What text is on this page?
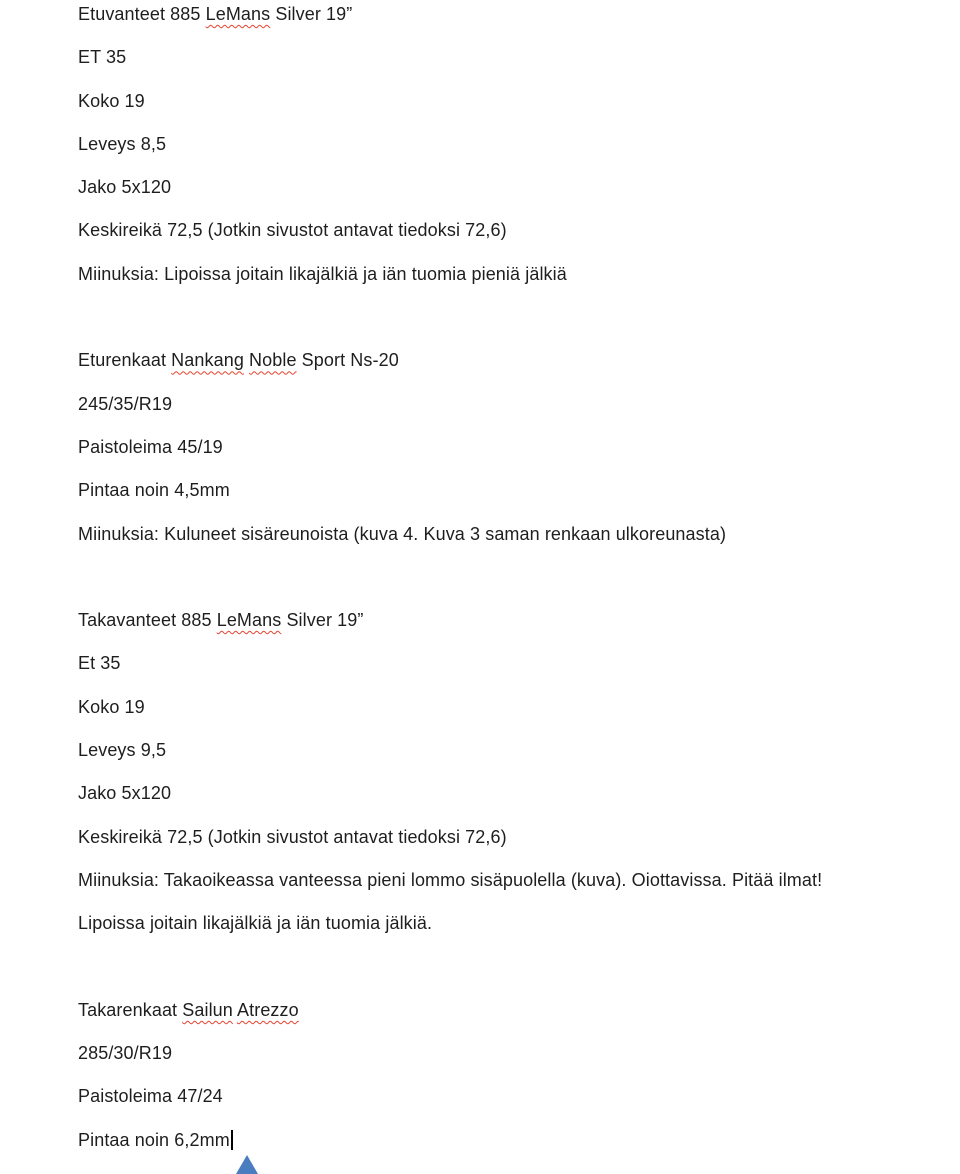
Etuvanteet 885 LeMans Silver 19”
ET 35
Koko 19
Leveys 8,5
Jako 5x120
Keskireikä 72,5 (Jotkin sivustot antavat tiedoksi 72,6)
Miinuksia: Lipoissa joitain likajälkiä ja iän tuomia pieniä jälkiä
Eturenkaat Nankang Noble Sport Ns-20
245/35/R19
Paistoleima 45/19
Pintaa noin 4,5mm
Miinuksia: Kuluneet sisäreunoista (kuva 4. Kuva 3 saman renkaan ulkoreunasta)
Takavanteet 885 LeMans Silver 19”
Et 35
Koko 19
Leveys 9,5
Jako 5x120
Keskireikä 72,5 (Jotkin sivustot antavat tiedoksi 72,6)
Miinuksia: Takaoikeassa vanteessa pieni lommo sisäpuolella (kuva). Oiottavissa. Pitää ilmat!
Lipoissa joitain likajälkiä ja iän tuomia jälkiä.
Takarenkaat Sailun Atrezzo
285/30/R19
Paistoleima 47/24
Pintaa noin 6,2mm
